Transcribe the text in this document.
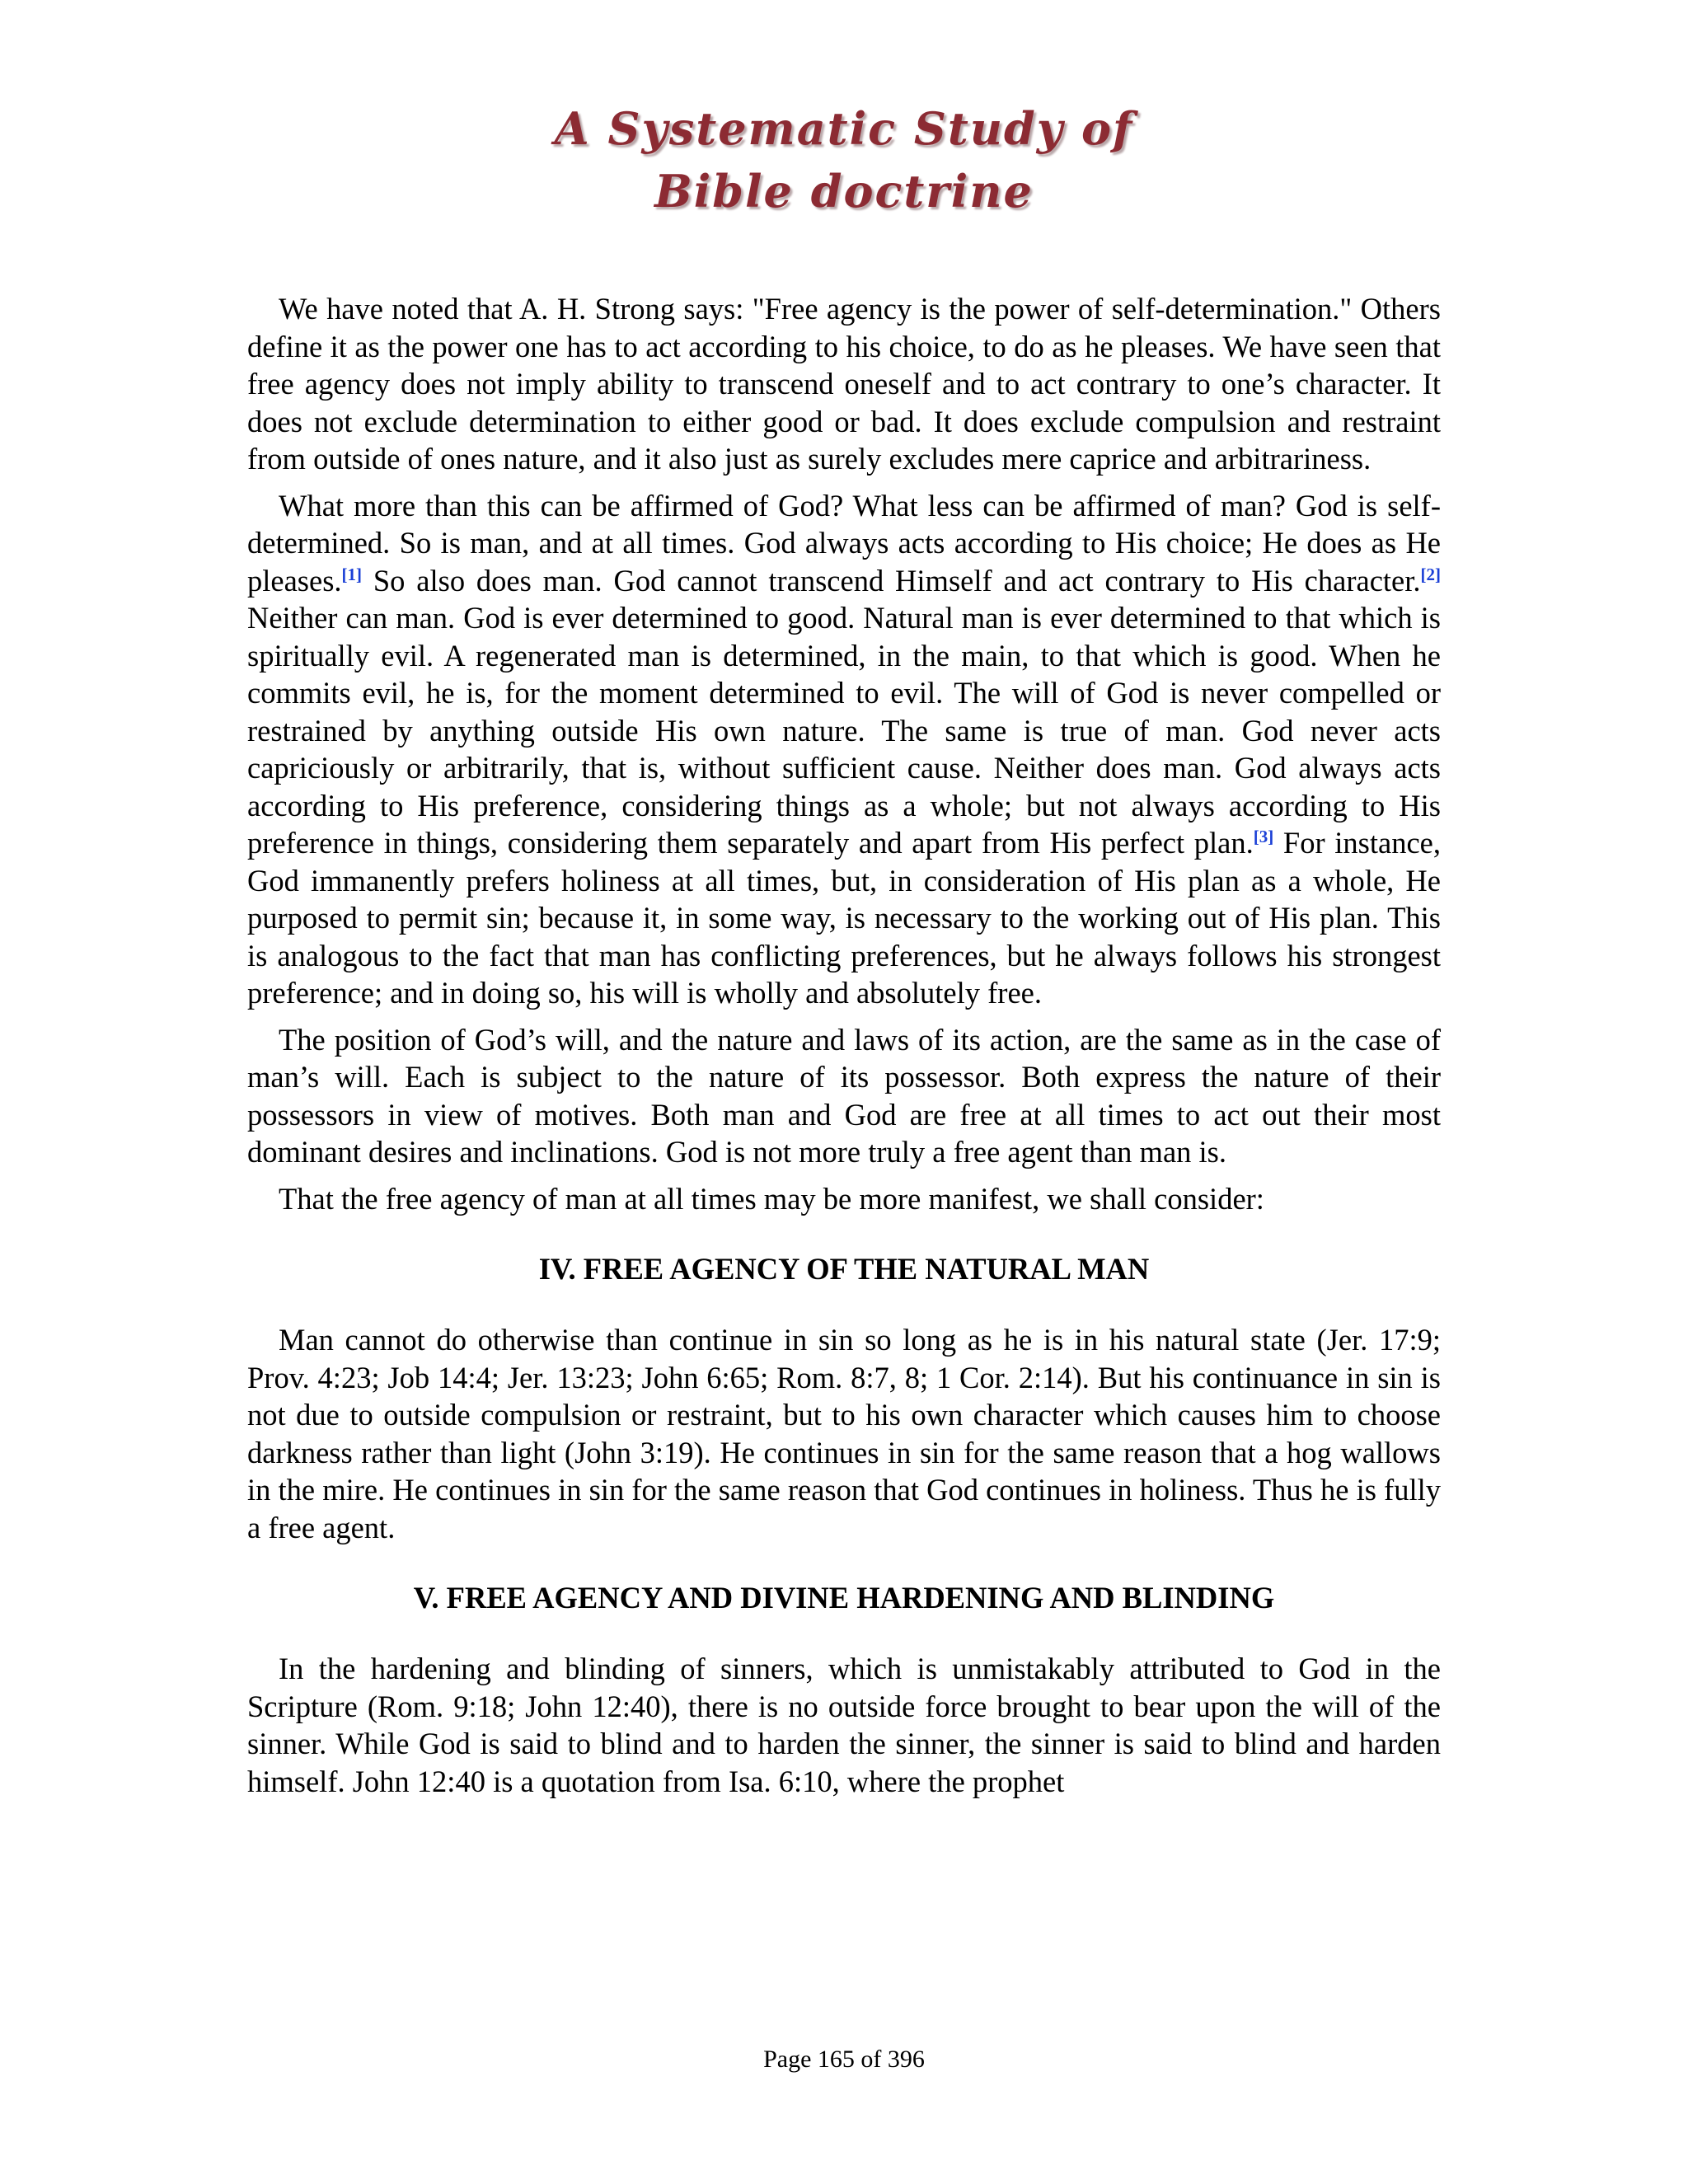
A Systematic Study of
Bible doctrine

We have noted that A. H. Strong says: "Free agency is the power of self-determination." Others define it as the power one has to act according to his choice, to do as he pleases. We have seen that free agency does not imply ability to transcend oneself and to act contrary to one’s character. It does not exclude determination to either good or bad. It does exclude compulsion and restraint from outside of ones nature, and it also just as surely excludes mere caprice and arbitrariness.

What more than this can be affirmed of God? What less can be affirmed of man? God is self-determined. So is man, and at all times. God always acts according to His choice; He does as He pleases.[1] So also does man. God cannot transcend Himself and act contrary to His character.[2] Neither can man. God is ever determined to good. Natural man is ever determined to that which is spiritually evil. A regenerated man is determined, in the main, to that which is good. When he commits evil, he is, for the moment determined to evil. The will of God is never compelled or restrained by anything outside His own nature. The same is true of man. God never acts capriciously or arbitrarily, that is, without sufficient cause. Neither does man. God always acts according to His preference, considering things as a whole; but not always according to His preference in things, considering them separately and apart from His perfect plan.[3] For instance, God immanently prefers holiness at all times, but, in consideration of His plan as a whole, He purposed to permit sin; because it, in some way, is necessary to the working out of His plan. This is analogous to the fact that man has conflicting preferences, but he always follows his strongest preference; and in doing so, his will is wholly and absolutely free.

The position of God’s will, and the nature and laws of its action, are the same as in the case of man’s will. Each is subject to the nature of its possessor. Both express the nature of their possessors in view of motives. Both man and God are free at all times to act out their most dominant desires and inclinations. God is not more truly a free agent than man is.

That the free agency of man at all times may be more manifest, we shall consider:

IV. FREE AGENCY OF THE NATURAL MAN

Man cannot do otherwise than continue in sin so long as he is in his natural state (Jer. 17:9; Prov. 4:23; Job 14:4; Jer. 13:23; John 6:65; Rom. 8:7, 8; 1 Cor. 2:14). But his continuance in sin is not due to outside compulsion or restraint, but to his own character which causes him to choose darkness rather than light (John 3:19). He continues in sin for the same reason that a hog wallows in the mire. He continues in sin for the same reason that God continues in holiness. Thus he is fully a free agent.

V. FREE AGENCY AND DIVINE HARDENING AND BLINDING

In the hardening and blinding of sinners, which is unmistakably attributed to God in the Scripture (Rom. 9:18; John 12:40), there is no outside force brought to bear upon the will of the sinner. While God is said to blind and to harden the sinner, the sinner is said to blind and harden himself. John 12:40 is a quotation from Isa. 6:10, where the prophet

Page 165 of 396
